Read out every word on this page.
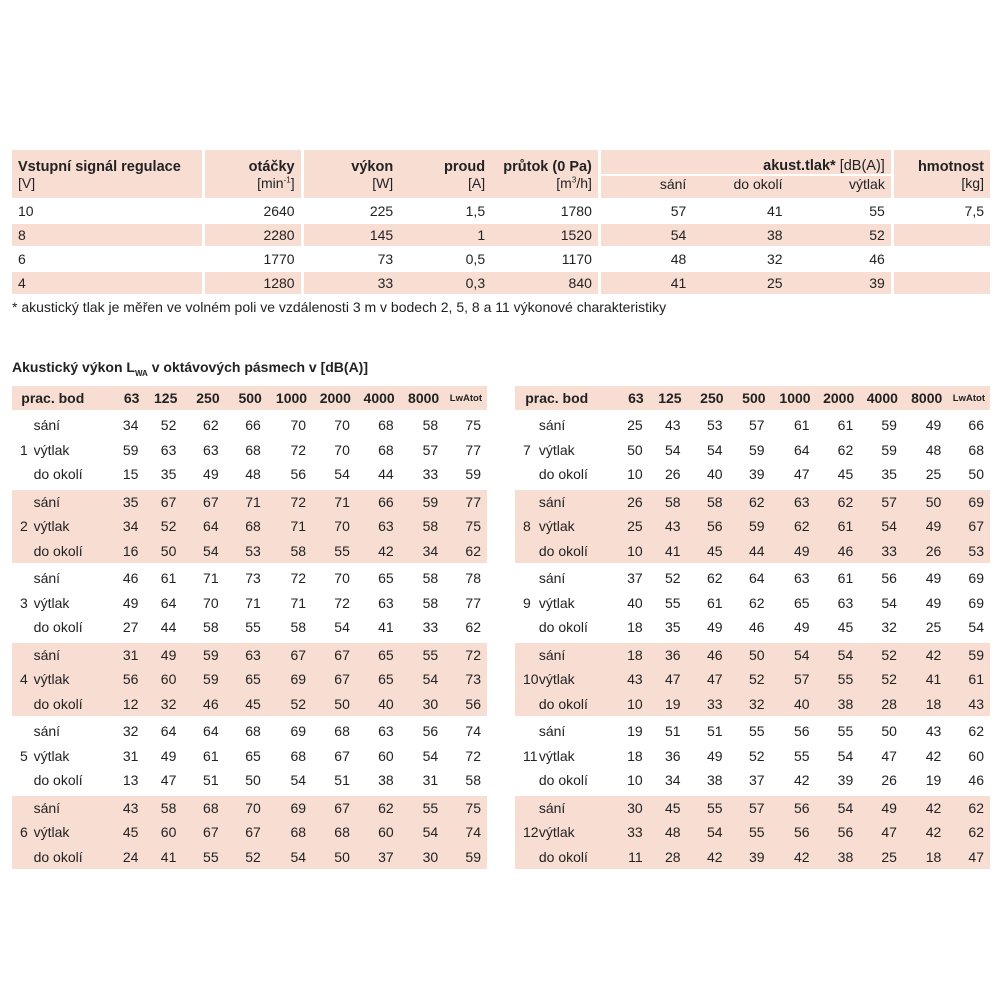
Vstupní signál regulace	otáčky	výkon	proud	průtok (0 Pa)	akust.tlak* [dB(A)]			hmotnost
[V]	$[\min^{-1}]$	[W]	[A]	$[m^3/h]$	sání	do okolí	výtlak	[kg]
10	2640	225	1,5	1780	57	41	55	7,5
8	2280	145	1	1520	54	38	52	
6	1770	73	0,5	1170	48	32	46	
4	1280	33	0,3	840	41	25	39	
* akustický tlak je měřen ve volném poli ve vzdálenosti 3 m v bodech 2, 5, 8 a 11 výkonové charakteristiky
Akustický výkon $L_{WA}$ v oktávových pásmech v [dB(A)]
prac. bod		63	125	250	500	1000	2000	4000	8000	LwAtot
	sání	34	52	62	66	70	70	68	58	75
1	výtlak	59	63	63	68	72	70	68	57	77
	do okolí	15	35	49	48	56	54	44	33	59
	sání	35	67	67	71	72	71	66	59	77
2	výtlak	34	52	64	68	71	70	63	58	75
	do okolí	16	50	54	53	58	55	42	34	62
	sání	46	61	71	73	72	70	65	58	78
3	výtlak	49	64	70	71	71	72	63	58	77
	do okolí	27	44	58	55	58	54	41	33	62
	sání	31	49	59	63	67	67	65	55	72
4	výtlak	56	60	59	65	69	67	65	54	73
	do okolí	12	32	46	45	52	50	40	30	56
	sání	32	64	64	68	69	68	63	56	74
5	výtlak	31	49	61	65	68	67	60	54	72
	do okolí	13	47	51	50	54	51	38	31	58
	sání	43	58	68	70	69	67	62	55	75
6	výtlak	45	60	67	67	68	68	60	54	74
	do okolí	24	41	55	52	54	50	37	30	59
prac. bod		63	125	250	500	1000	2000	4000	8000	LwAtot
	sání	25	43	53	57	61	61	59	49	66
7	výtlak	50	54	54	59	64	62	59	48	68
	do okolí	10	26	40	39	47	45	35	25	50
	sání	26	58	58	62	63	62	57	50	69
8	výtlak	25	43	56	59	62	61	54	49	67
	do okolí	10	41	45	44	49	46	33	26	53
	sání	37	52	62	64	63	61	56	49	69
9	výtlak	40	55	61	62	65	63	54	49	69
	do okolí	18	35	49	46	49	45	32	25	54
	sání	18	36	46	50	54	54	52	42	59
10	výtlak	43	47	47	52	57	55	52	41	61
	do okolí	10	19	33	32	40	38	28	18	43
	sání	19	51	51	55	56	55	50	43	62
11	výtlak	18	36	49	52	55	54	47	42	60
	do okolí	10	34	38	37	42	39	26	19	46
	sání	30	45	55	57	56	54	49	42	62
12	výtlak	33	48	54	55	56	56	47	42	62
	do okolí	11	28	42	39	42	38	25	18	47
